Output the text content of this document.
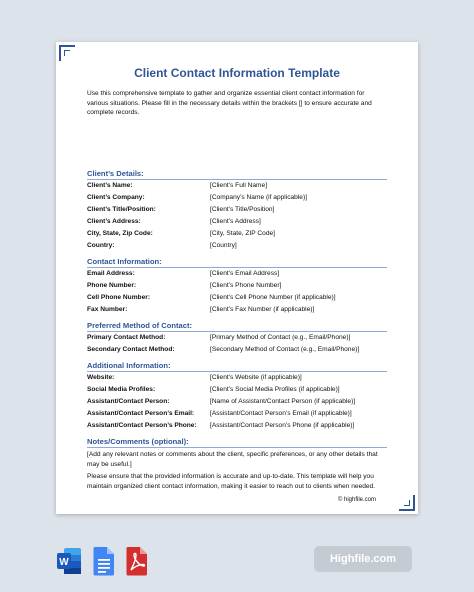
Client Contact Information Template
Use this comprehensive template to gather and organize essential client contact information for various situations. Please fill in the necessary details within the brackets [] to ensure accurate and complete records.
Client’s Details:
Client’s Name:	[Client’s Full Name]
Client’s Company:	[Company’s Name (if applicable)]
Client’s Title/Position:	[Client’s Title/Position]
Client’s Address:	[Client’s Address]
City, State, Zip Code:	[City, State, ZIP Code]
Country:	[Country]
Contact Information:
Email Address:	[Client’s Email Address]
Phone Number:	[Client’s Phone Number]
Cell Phone Number:	[Client’s Cell Phone Number (if applicable)]
Fax Number:	[Client’s Fax Number (if applicable)]
Preferred Method of Contact:
Primary Contact Method:	[Primary Method of Contact (e.g., Email/Phone)]
Secondary Contact Method:	[Secondary Method of Contact (e.g., Email/Phone)]
Additional Information:
Website:	[Client’s Website (if applicable)]
Social Media Profiles:	[Client’s Social Media Profiles (if applicable)]
Assistant/Contact Person:	[Name of Assistant/Contact Person (if applicable)]
Assistant/Contact Person’s Email: [Assistant/Contact Person’s Email (if applicable)]
Assistant/Contact Person’s Phone: [Assistant/Contact Person’s Phone (if applicable)]
Notes/Comments (optional):
[Add any relevant notes or comments about the client, specific preferences, or any other details that may be useful.]
Please ensure that the provided information is accurate and up-to-date. This template will help you maintain organized client contact information, making it easier to reach out to clients when needed.
© highfile.com
W	Highfile.com
